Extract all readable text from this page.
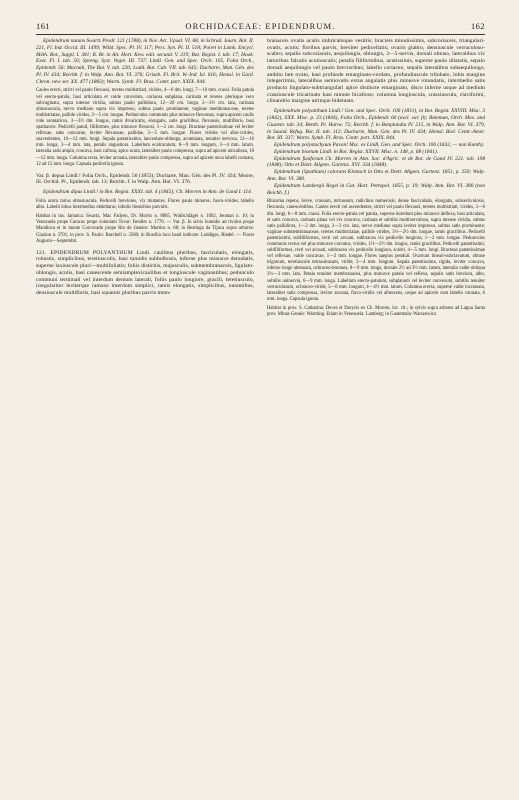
161	ORCHIDACEAE: EPIDENDRUM.	162

Epidendrum nutans Swartz Prodr. 121 (1788), in Nov. Act. Upsal. VI. 68, in Schrad. Journ. Bot. II. 221, Fl. Ind. Occid. III. 1499; Willd. Spec. Pl. IV. 117; Pers. Syn. Pl. II. 518; Poiret in Lamk. Encycl. Méth. Bot., Suppl. I. 381; R. Br. in Ait. Hort. Kew. edit. secund. V. 219; Bot. Regist. I. tab. 17; Hook. Exot. Fl. I. tab. 50; Spreng. Syst. Veget. III. 737; Lindl. Gen. and Spec. Orch. 105, Folia Orch., Epidendr. 56; Macnab, The Bot. V. tab. 226; Lodd. Bot. Cab. VII. tab. 645; Ducharte, Man. Gén. des Pl. IV. 434; Reichb. f. in Walp. Ann. Bot. VI. 376; Griseb. Fl. Brit. W.-Ind. Isl. 616; Hemsl. in Gard. Chron. new ser. XX. 477 (1883); Warm. Symb. Fl. Bras. Contr. part. XXIX. 844.

Caules erecti, stricti vel paulo flexuosi, teretes multistriati, virides, 4—6 dm. longi, 7—10 mm. crassi. Folia patula vel erecto-patula, basi articulata et vaide convoluta, coriacea subplana, carinata et teretes plerisque vero subvaginata, supra intense viridia, subtus paulo pallidiora, 12—20 cm. longa, 2—3½ cm. lata, carinata obtusiuscula, nervo mediano supra vix impresso, subtus paulo prominente; vaginae membranaceae, teretes multistriatae, pallide virides, 2—5 cm. longae. Pedunculus communis plus minusve flexuosus, supra apicem caulis vide aromaticus, 3—3½ dm. longus, ramis divaricatis, elongatis, satis gracilibus, flexuosis, multifloris, basi spathaceis. Pedicelli patuli, filiformes, plus minusve flexuosi, 1—2 cm. longi. Bracteae patentissimae vel leviter reflexae, satis concavae, leviter flexuosae, pallidae, 3—5 mm. longae. Flores virides vel albo-virides, suaveolentes, 10—12 mm. longi. Sepala patentissima, lanceolato-oblonga, acuminata, tenuiter nervosa, 12—16 mm. longa, 3—4 mm. lata, petalis angustiora. Labellum ecalcaratum, 8—9 mm. longum, 3—4 mm. latum, lateralia satis ampla, concava, basi callosa, apice acuta, lateraliter paulo compressa, supra ad apicem unicallosa, 10—12 mm. longa. Columna recta, leviter arcuata, lateraliter paulo compressa, supra ad apicem unca labelli connata, 12 ad 15 mm. longa. Capsula pedicella ignota.

Var. β. depua Lindl.! Folia Orch., Epidendr. 56 (1853); Ducharte, Man. Gén. des Pl. IV. 434; Moore, Ill. Orchid. Pl., Epidendr. tab. 13; Reichb. f. in Walp. Ann. Bot. VI. 376.

Epidendrum dipus Lindl.! in Bot. Regist. XXXI. tab. 4 (1845); Ch. Morren in Ann. de Gand I. 114.

Folia acuta rarius obtusiuscula. Pedicelli breviores, vix mutantes. Flores paulo minores, fusco-virides, labello albo. Labelli lobus intermedius obdeltatus, lobulis linearibus parvulis.

Habitat in ins. Jamaica: Swartz, Mac Fadyen, Dr. Morris n. 8085, Wullschlägel n. 1092, Jenman n. 10; in Venezuela prope Caracas prope coloniam Tovar: Fendler n. 1770. — Var. β. In silvis humidis ad rivulos prope Mandioca et in monte Corcovado prope Rio de Janeiro: Martius n. 68; in Restinga da Tijuca supra arbores: Glaziou n. 3701; in prov. S. Paulo: Burchell n. 3580; in Brasilia loco haud indicate: Loddiges, Riedel. — Floret Augusto—Septembri.

121. EPIDENDRUM POLYANTHUM Lindl. caulibus pluribus, fasciculatis, elongatis, robustis, simplicibus, teretiusculis, basi tumidis subbulbosis, inferne plus minusve denudatis, superne laxiuscule pluri—multifoliatis; foliis distichis, majusculis, submembranaceis, ligulato-oblongis, acutis, basi canescente semiamplexicaulibus et longiuscule vaginantibus; pedunculo communi terminali vel interdum demum laterali, foliis paulo longiore, gracili, teretiusculo, irregulariter leviterque ramoso interdum simplici, ramis elongatis, simplicibus, nutantibus, densiuscule multifloris, basi squamis pluribus parvis mem-

branaceis ovatis acutis imbricatisque vestitis; bracteis minutissimis, subcoriaceis, triangulari-ovatis, acutis; floribus parvis, breviter pedicellatis; ovario glabro, densiuscule verruculoso-scabro; sepalis subcoriaceis, aequilongis, oblongis, 3—5-nervis, dorsali obtuso, lateralibus vix latioribus falcatis acutiusculis; petalis filiformibus, acutissimis, superne paulo dilatatis, sepalo dorsali aequilongis vel paulo brevioribus; labello coriaceo, sepalis lateralibus subaequilongo, ambitu late ovato, basi profunde emarginato-cordato, profundiuscule trilobato, lobis margine integerrimis, lateralibus semiovatis extus angulatis plus minusve rotundatis, intermedio satis producto lingulato-subtriangulari apice distincte emarginato, disco inferne usque ad medium crassiuscule tricarinato basi minute bicalloso; columna longiuscula, crassiuscula, claviformi, clinandrio margine utrinque bidentato.

Epidendrum polyanthum Lindl.! Gen. and Spec. Orch. 106 (1831), in Bot. Regist. XXVIII. Misc. 3 (1842), XXX. Misc. p. 23 (1844), Folia Orch., Epidendr. 60 (excl. var. β); Bateman, Orch. Mex. and Guatem. tab. 34; Benth. Pl. Hartw. 72; Reichb. f. in Bonplandia IV. 215, in Walp. Ann. Bot. VI. 379, in Saund. Refug. Bot. II. tab. 112; Ducharte, Man. Gén. des Pl. IV. 434; Hemsl. Biol. Centr.-Amer. Bot. III. 337; Warm. Symb. Fl. Bras. Contr. part. XXIX. 844.

Epidendrum polystachyum Pavon! Msc. ex Lindl. Gen. and Spec. Orch. 106 (1832, — non Kunth).

Epidendrum bisetum Lindl. in Bot. Regist. XXVII. Misc. n. 148, p. 68 (1841).

Epidendrum fusiforum Ch. Morren in Ann. Soc. d'Agric. et de Bot. de Gand IV. 221. tab. 198 (1848); Otto et Dietr. Allgem. Gartenz. XVI. 334 (1848).

Epidendrum (Spathium) colorans Klotzsch in Otto et Dietr. Allgem. Gartenz. 1851, p. 250; Walp. Ann. Bot. VI. 380.

Epidendrum Lambergii Regel in Gat. Hort. Petropol. 1855, p. 19; Walp. Ann. Bot. VI. 380 (non Reichb. f.)

Rhizoma repens, breve, crassum, tortuosum, radicibus numerosis, dense fasciculatis, elongatis, subsecticulosis, flexuosis, canescentibus. Caules erecti vel ascendentes, stricti vel paulo flexuosi, teretes multistriati, virides, 3—6 dm. longi, 6—8 mm. crassi. Folia erecto-patula vel patula, superne interdum plus minusve deflexa, basi articulata, et satis concava, carinata plana vel vix concava, carinata et subtilis multinervulosa, supra intense viridia, subtus satis pallidiora, 1—2 dm. longa, 2—3 cm. lata, nervo mediano supra leviter impresso, subtus satis prominente; vaginae submembranaceae, teretes multistriatae, pallide virides, 3½—2½ dm. longae, ramis gracilibus. Pedicelli patentissimi, subfiliformes, recti vel arcuati, subbracea vix pedicello longiora, 1—2 mm. longae. Pedunculus communis rectus vel plus minusve curvatus, virides, 1½—2½ dm. longus, ramis gracilibus. Pedicelli patentissimi, subfiliformes, recti vel arcuati, subbracea vix pedicello longiora, scabri, 4—5 mm. longi. Bracteae patentissimae vel reflexae, valde concavae, 1—2 mm. longae. Flores saepius penduli. Ovarium lineari-subclavatum, obtuse trigonum, teretiuscule tetrasulcatum, viride, 3—4 mm. longum. Sepala patentissima, rigida, leviter concava, inferne longe attenuata, ochraceo-brunnea, 8—9 mm. longa, dorsale 2½ ad 3½ mm. latum, lateralia valde obliqua 3½—3 mm. lata. Petala tenuiter membranacea, plus minusve patula vel reflexa, sepalis satis breviora, albo, subtilis uninervia, 6—9 mm. longa. Labellum erecto-patulum, subplanum vel leviter convexum, subtilis tenuiter verruculosum, ochraceo-viride, 5—8 mm. longum, 4—4½ mm. latum. Columna erecta, superne valde incrassata, lateraliter satis compressa, leviter arcuata, flavo-viridis vel albescens, usque ad apicem cum labello connata, 6 mm. longa. Capsula ignota.

Habitat in prov. S. Catharina: Deves et Dorycis ex Ch. Morren, loc. cit.; in sylvis supra arbores ad Lagoa Santa prov. Minas Geraës: Warming. Etiam in Venezuela: Lamberg; in Guatemala: Warszewicz.
